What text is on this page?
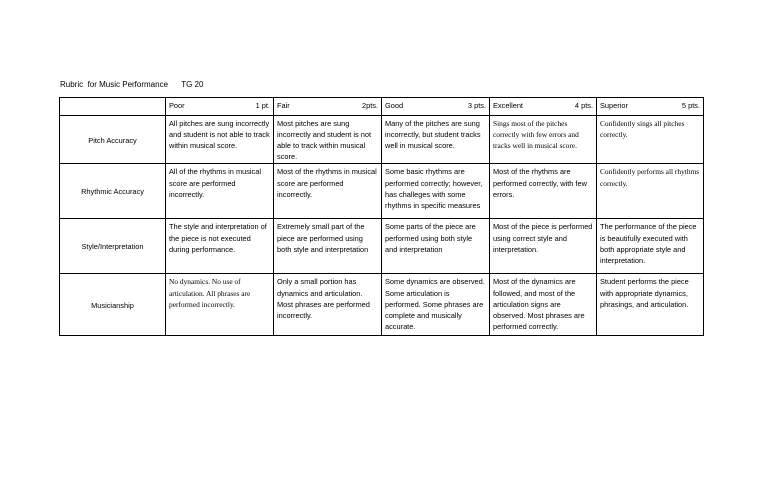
Rubric  for Music Performance      TG 20

	Poor 1 pt.	Fair 2pts.	Good 3 pts.	Excellent 4 pts.	Superior 5 pts.

Pitch Accuracy	All pitches are sung incorrectly and student is not able to track within musical score.	Most pitches are sung incorrectly and student is not able to track within musical score.	Many of the pitches are sung incorrectly, but student tracks well in musical score.	Sings most of the pitches correctly with few errors and tracks well in musical score.	Confidently sings all pitches correctly.
Rhythmic Accuracy	All of the rhythms in musical score are performed incorrectly.	Most of the rhythms in musical score are performed incorrectly.	Some basic rhythms are performed correctly; however, has challeges with some rhythms in specific measures	Most of the rhythms are performed correctly, with few errors.	Confidently performs all rhythms correctly.
Style/Interpretation	The style and interpretation of the piece is not executed during performance.	Extremely small part of the piece are performed using both style and interpretation	Some parts of the piece are performed using both style and interpretation	Most of the piece is performed using correct style and interpretation.	The performance of the piece is beautifully executed with both appropriate style and interpretation.
Musicianship	No dynamics. No use of articulation. All phrases are performed incorrectly.	Only a small portion has dynamics and articulation. Most phrases are performed incorrectly.	Some dynamics are observed. Some articulation is performed. Some phrases are complete and musically accurate.	Most of the dynamics are followed, and most of the articulation signs are observed. Most phrases are performed correctly.	Student performs the piece with appropriate dynamics, phrasings, and articulation.
